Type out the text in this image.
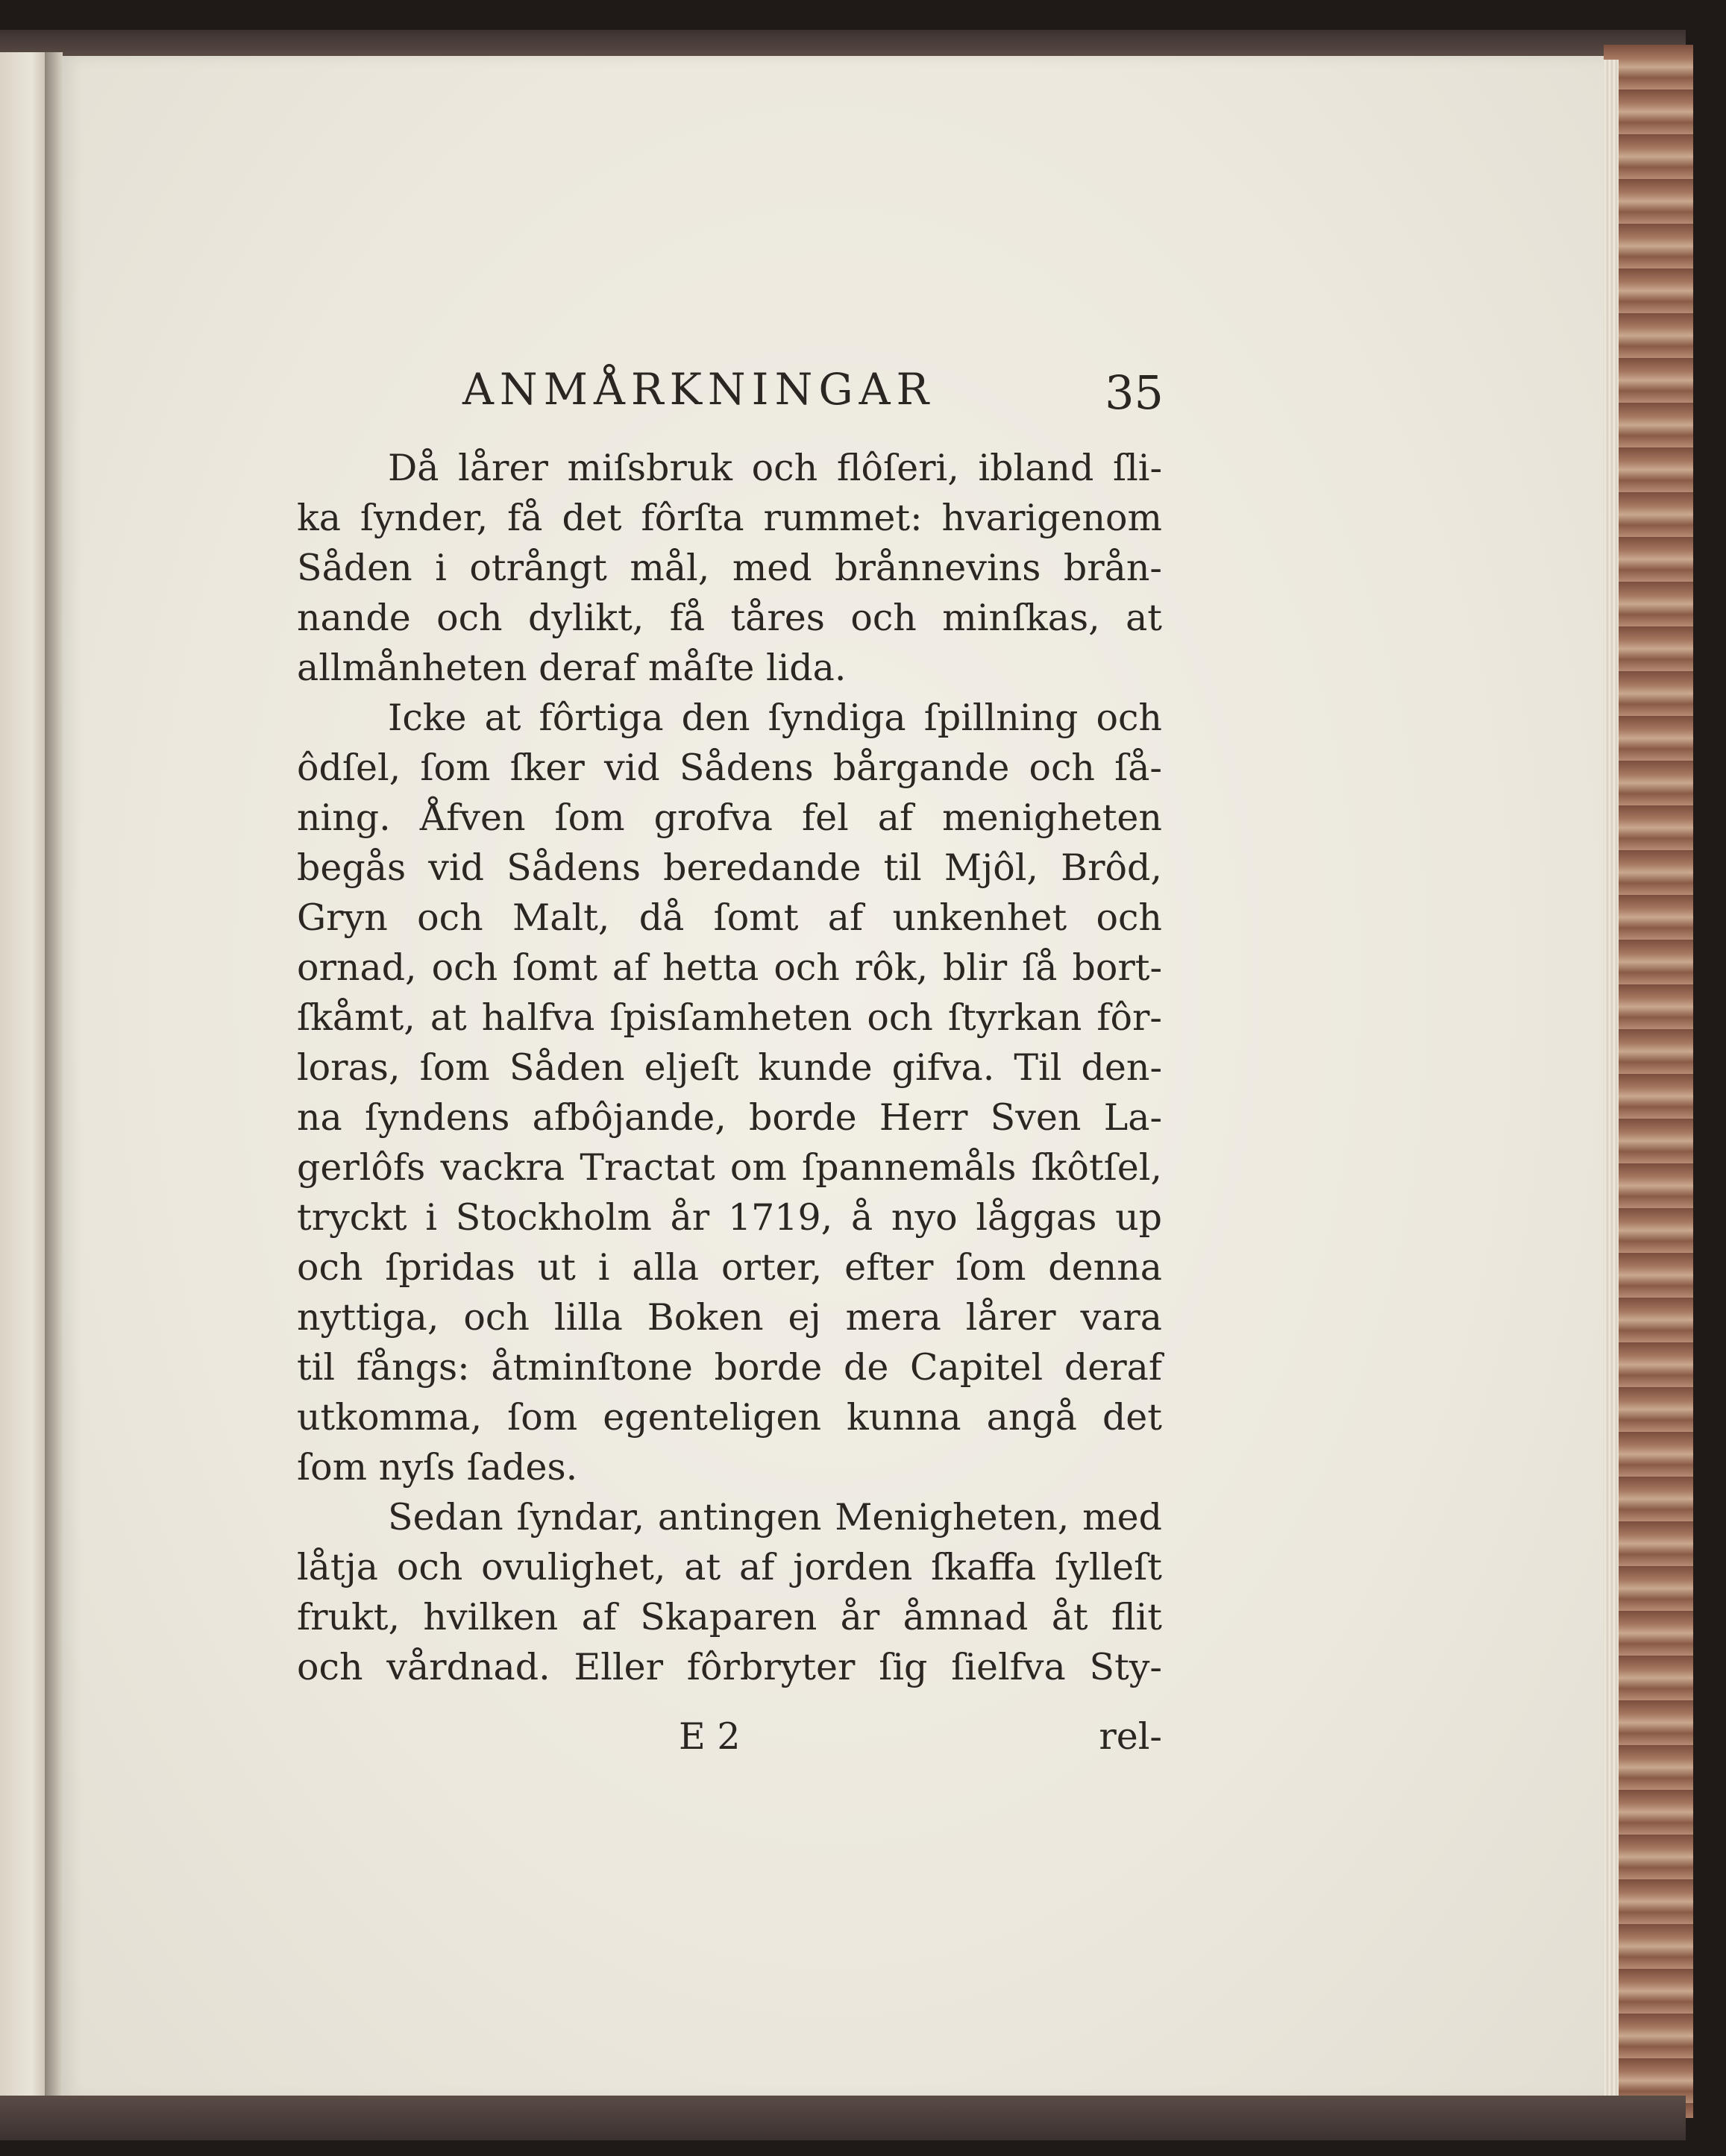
ANMÅRKNINGAR	35
Då lårer miſsbruk och flôſeri, ibland ſli-
ka ſynder, få det fôrſta rummet: hvarigenom
Såden i otrångt mål, med brånnevins brån-
nande och dylikt, få tåres och minſkas, at
allmånheten deraf måſte lida.
Icke at fôrtiga den ſyndiga ſpillning och
ôdſel, ſom ſker vid Sådens bårgande och ſå-
ning. Åfven ſom grofva fel af menigheten
begås vid Sådens beredande til Mjôl, Brôd,
Gryn och Malt, då ſomt af unkenhet och
ornad, och ſomt af hetta och rôk, blir ſå bort-
ſkåmt, at halfva ſpisſamheten och ſtyrkan fôr-
loras, ſom Såden eljeſt kunde gifva. Til den-
na ſyndens afbôjande, borde Herr Sven La-
gerlôfs vackra Tractat om ſpannemåls ſkôtſel,
tryckt i Stockholm år 1719, å nyo låggas up
och ſpridas ut i alla orter, efter ſom denna
nyttiga, och lilla Boken ej mera lårer vara
til fångs: åtminſtone borde de Capitel deraf
utkomma, ſom egenteligen kunna angå det
ſom nyſs ſades.
Sedan ſyndar, antingen Menigheten, med
låtja och ovulighet, at af jorden ſkaffa ſylleſt
frukt, hvilken af Skaparen år åmnad åt flit
och vårdnad. Eller fôrbryter ſig ſielfva Sty-
E 2	rel-
